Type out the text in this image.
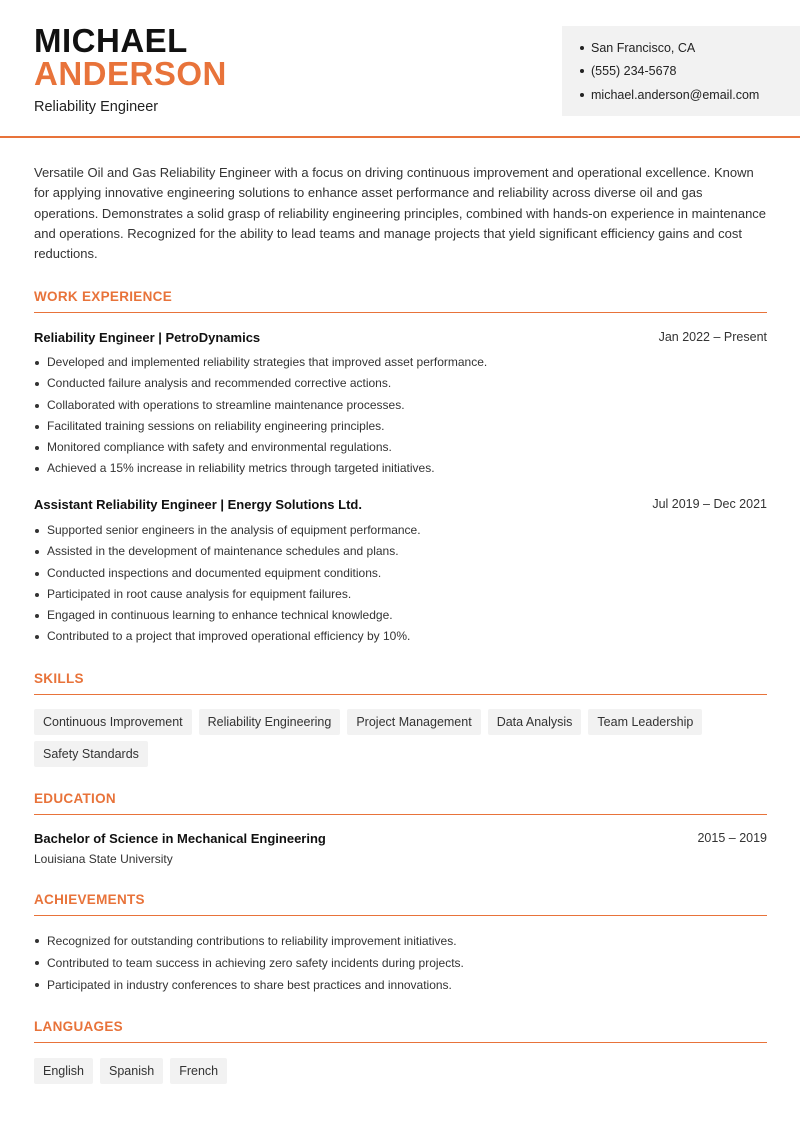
MICHAEL
ANDERSON
Reliability Engineer
San Francisco, CA
(555) 234-5678
michael.anderson@email.com

Versatile Oil and Gas Reliability Engineer with a focus on driving continuous improvement and operational excellence. Known for applying innovative engineering solutions to enhance asset performance and reliability across diverse oil and gas operations. Demonstrates a solid grasp of reliability engineering principles, combined with hands-on experience in maintenance and operations. Recognized for the ability to lead teams and manage projects that yield significant efficiency gains and cost reductions.

WORK EXPERIENCE
Reliability Engineer | PetroDynamics	Jan 2022 – Present
Developed and implemented reliability strategies that improved asset performance.
Conducted failure analysis and recommended corrective actions.
Collaborated with operations to streamline maintenance processes.
Facilitated training sessions on reliability engineering principles.
Monitored compliance with safety and environmental regulations.
Achieved a 15% increase in reliability metrics through targeted initiatives.
Assistant Reliability Engineer | Energy Solutions Ltd.	Jul 2019 – Dec 2021
Supported senior engineers in the analysis of equipment performance.
Assisted in the development of maintenance schedules and plans.
Conducted inspections and documented equipment conditions.
Participated in root cause analysis for equipment failures.
Engaged in continuous learning to enhance technical knowledge.
Contributed to a project that improved operational efficiency by 10%.
SKILLS
Continuous Improvement	Reliability Engineering	Project Management	Data Analysis	Team Leadership
Safety Standards
EDUCATION
Bachelor of Science in Mechanical Engineering	2015 – 2019
Louisiana State University
ACHIEVEMENTS
Recognized for outstanding contributions to reliability improvement initiatives.
Contributed to team success in achieving zero safety incidents during projects.
Participated in industry conferences to share best practices and innovations.
LANGUAGES
English	Spanish	French
